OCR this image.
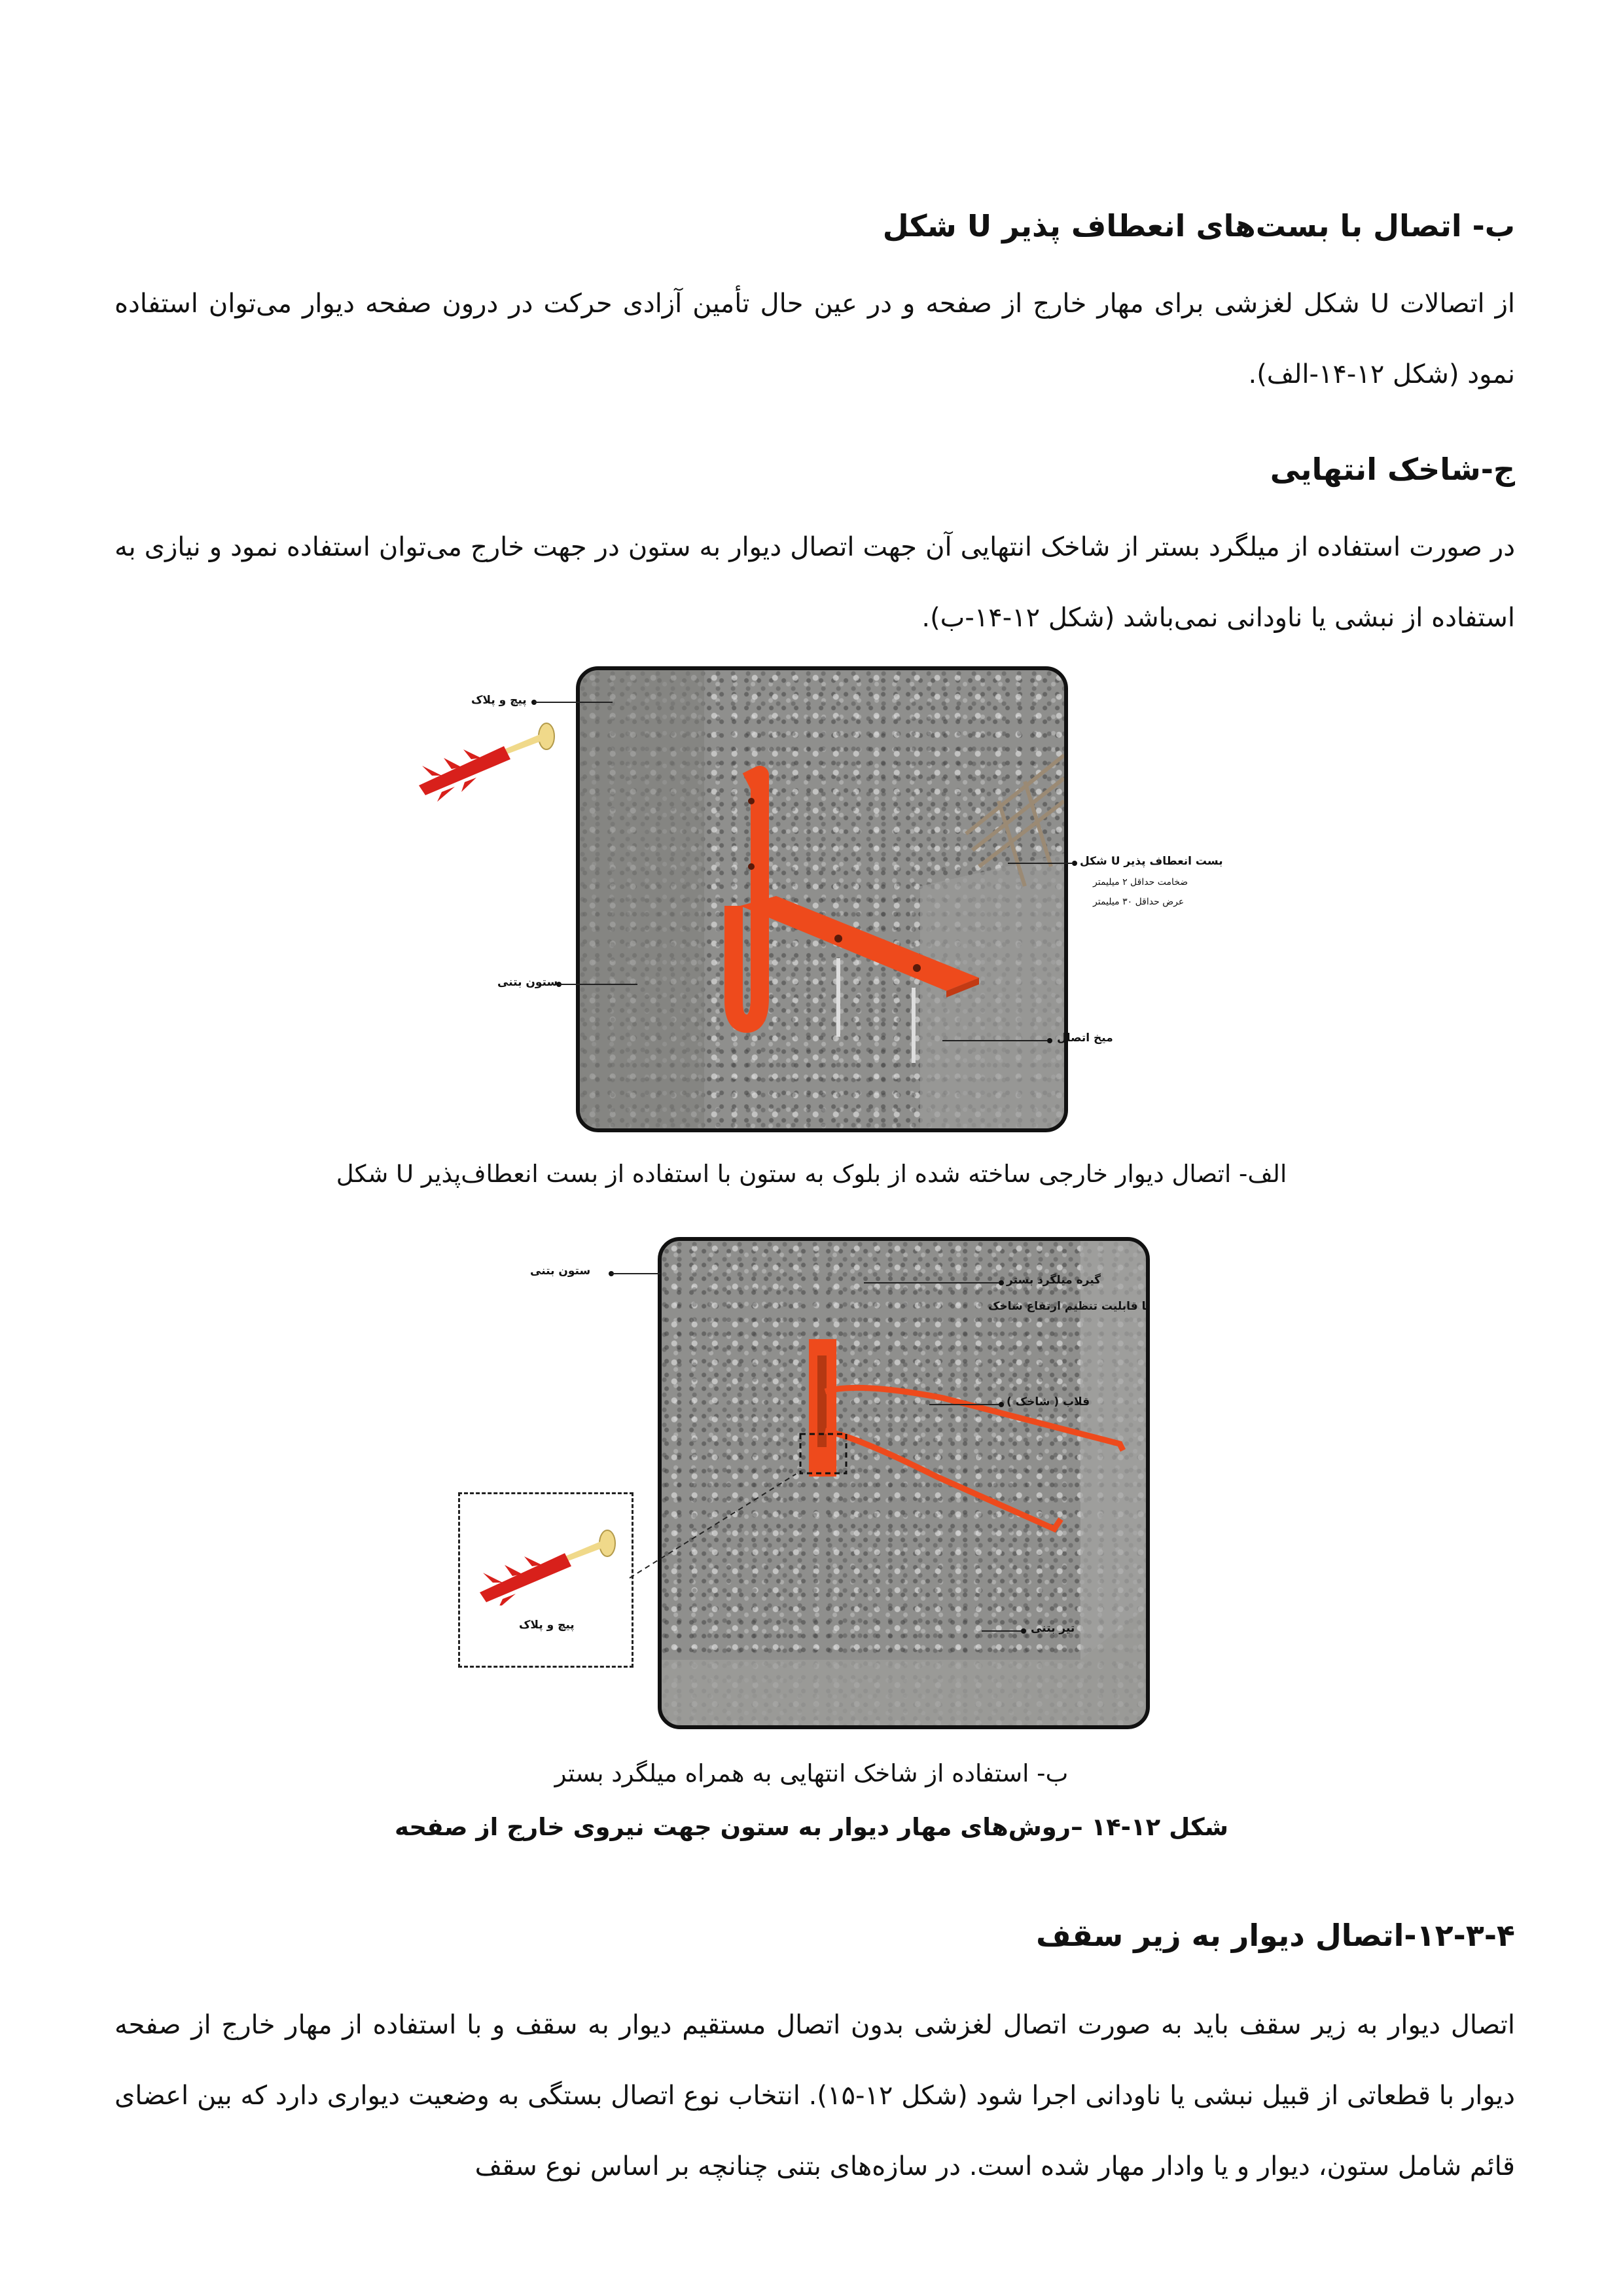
ب- اتصال با بست‌های انعطاف پذیر U شکل
از اتصالات U شکل لغزشی برای مهار خارج از صفحه و در عین حال تأمین آزادی حرکت در درون صفحه دیوار می‌توان استفاده نمود (شکل ۱۲-۱۴-الف).
ج-شاخک انتهایی
در صورت استفاده از میلگرد بستر از شاخک انتهایی آن جهت اتصال دیوار به ستون در جهت خارج می‌توان استفاده نمود و نیازی به استفاده از نبشی یا ناودانی نمی‌باشد (شکل ۱۲-۱۴-ب).
پیچ و پلاک
بست انعطاف پذیر U شکل
ضخامت حداقل ۲ میلیمتر
عرض حداقل ۳۰ میلیمتر
ستون بتنی
میخ اتصال
الف- اتصال دیوار خارجی ساخته شده از بلوک به ستون با استفاده از بست انعطاف‌پذیر U شکل
ستون بتنی
گیره میلگرد بستر
با قابلیت تنظیم ارتفاع شاخک
قلاب ( شاخک )
پیچ و پلاک	تیر بتنی
ب- استفاده از شاخک انتهایی به همراه میلگرد بستر
شکل ۱۲-۱۴ –روش‌های مهار دیوار به ستون جهت نیروی خارج از صفحه
۱۲-۳-۴-اتصال دیوار به زیر سقف
اتصال دیوار به زیر سقف باید به صورت اتصال لغزشی بدون اتصال مستقیم دیوار به سقف و با استفاده از مهار خارج از صفحه دیوار با قطعاتی از قبیل نبشی یا ناودانی اجرا شود (شکل ۱۲-۱۵). انتخاب نوع اتصال بستگی به وضعیت دیواری دارد که بین اعضای قائم شامل ستون، دیوار و یا وادار مهار شده است. در سازه‌های بتنی چنانچه بر اساس نوع سقف
